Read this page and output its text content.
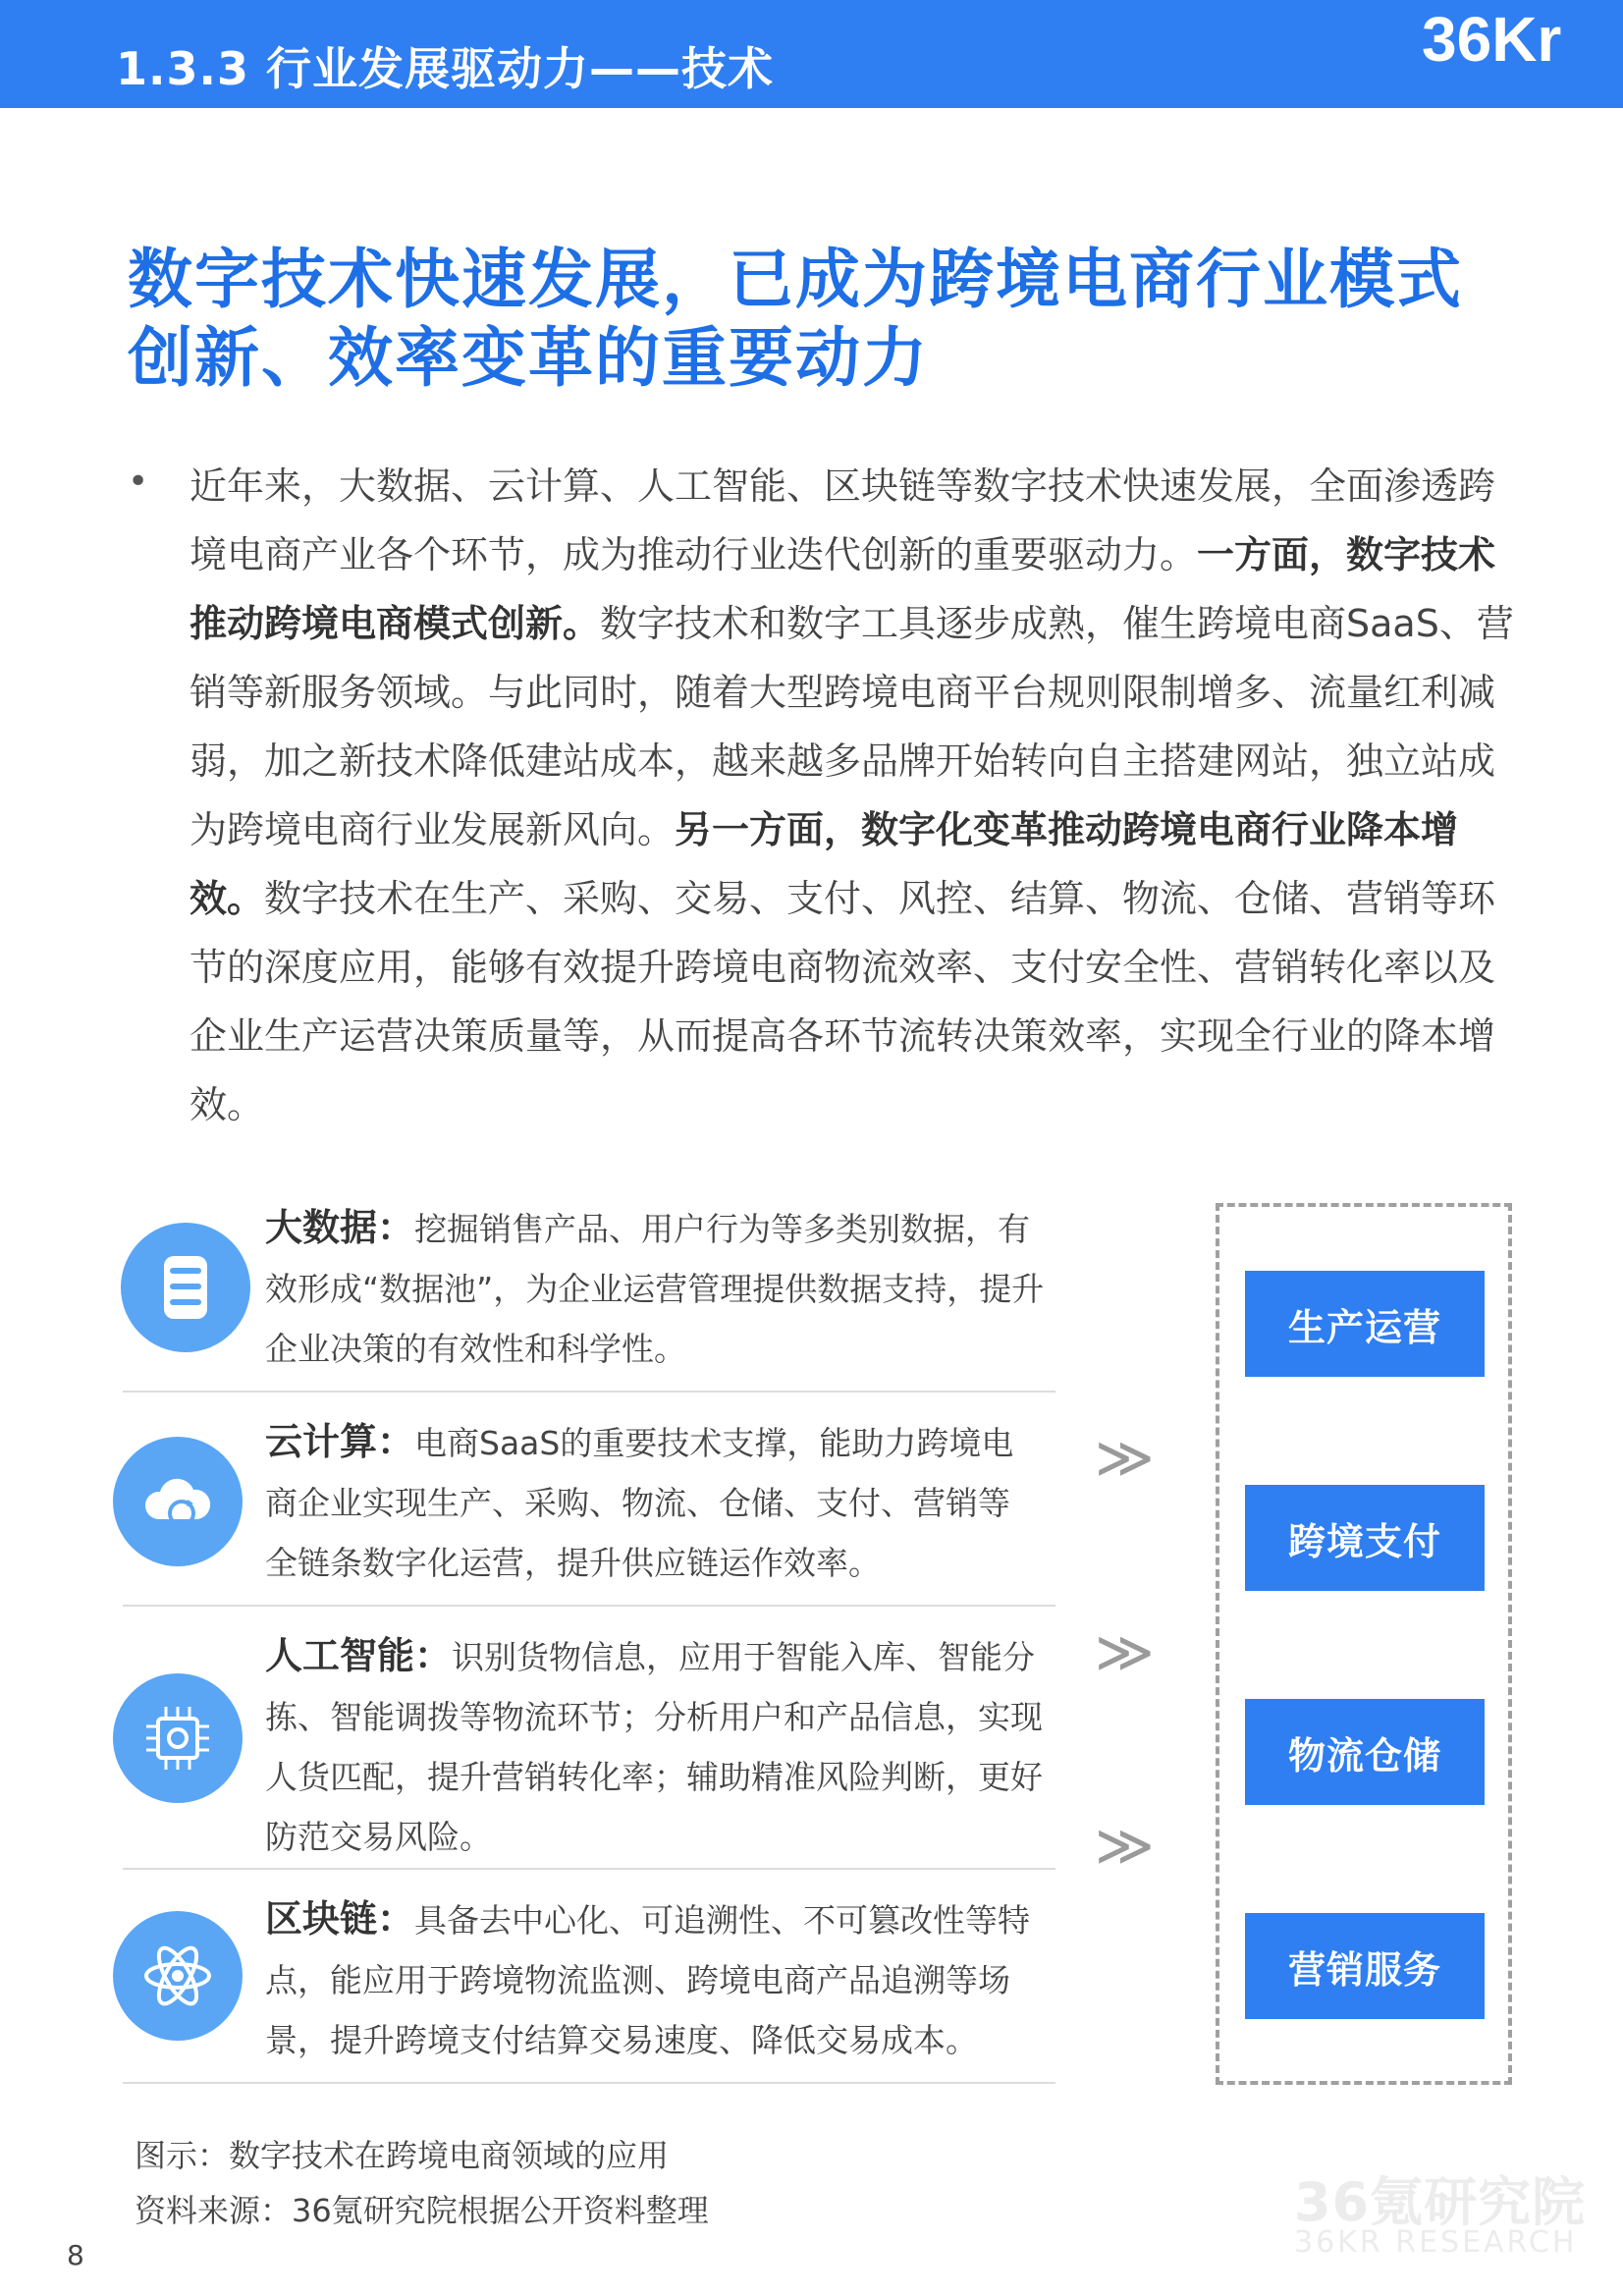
1.3.3 行业发展驱动力——技术	36Kr
数字技术快速发展，已成为跨境电商行业模式
创新、效率变革的重要动力
• 近年来，大数据、云计算、人工智能、区块链等数字技术快速发展，全面渗透跨境电商产业各个环节，成为推动行业迭代创新的重要驱动力。一方面，数字技术推动跨境电商模式创新。数字技术和数字工具逐步成熟，催生跨境电商SaaS、营销等新服务领域。与此同时，随着大型跨境电商平台规则限制增多、流量红利减弱，加之新技术降低建站成本，越来越多品牌开始转向自主搭建网站，独立站成为跨境电商行业发展新风向。另一方面，数字化变革推动跨境电商行业降本增效。数字技术在生产、采购、交易、支付、风控、结算、物流、仓储、营销等环节的深度应用，能够有效提升跨境电商物流效率、支付安全性、营销转化率以及企业生产运营决策质量等，从而提高各环节流转决策效率，实现全行业的降本增效。
大数据：挖掘销售产品、用户行为等多类别数据，有效形成“数据池”，为企业运营管理提供数据支持，提升企业决策的有效性和科学性。
云计算：电商SaaS的重要技术支撑，能助力跨境电商企业实现生产、采购、物流、仓储、支付、营销等全链条数字化运营，提升供应链运作效率。
人工智能：识别货物信息，应用于智能入库、智能分拣、智能调拨等物流环节；分析用户和产品信息，实现人货匹配，提升营销转化率；辅助精准风险判断，更好防范交易风险。
区块链：具备去中心化、可追溯性、不可篡改性等特点，能应用于跨境物流监测、跨境电商产品追溯等场景，提升跨境支付结算交易速度、降低交易成本。
≫
≫
≫
生产运营
跨境支付
物流仓储
营销服务
图示：数字技术在跨境电商领域的应用
资料来源：36氪研究院根据公开资料整理	36氪研究院
36KR RESEARCH
8
